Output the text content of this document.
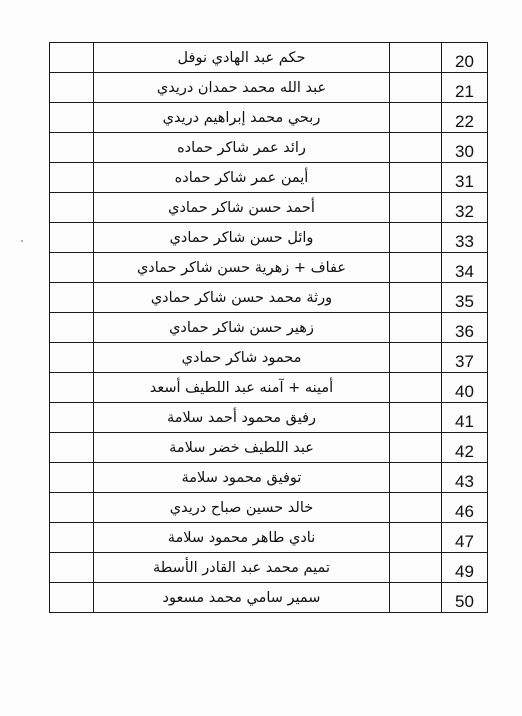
	حكم عبد الهادي نوفل		20
	عبد الله محمد حمدان دريدي		21
	ربحي محمد إبراهيم دريدي		22
	رائد عمر شاكر حماده		30
	أيمن عمر شاكر حماده		31
	أحمد حسن شاكر حمادي		32
	وائل حسن شاكر حمادي		33
	عفاف + زهرية حسن شاكر حمادي		34
	ورثة محمد حسن شاكر حمادي		35
	زهير حسن شاكر حمادي		36
	محمود شاكر حمادي		37
	أمينه + آمنه عبد اللطيف أسعد		40
	رفيق محمود أحمد سلامة		41
	عبد اللطيف خضر سلامة		42
	توفيق محمود سلامة		43
	خالد حسين صباح دريدي		46
	نادي طاهر محمود سلامة		47
	تميم محمد عبد القادر الأسطة		49
	سمير سامي محمد مسعود		50
